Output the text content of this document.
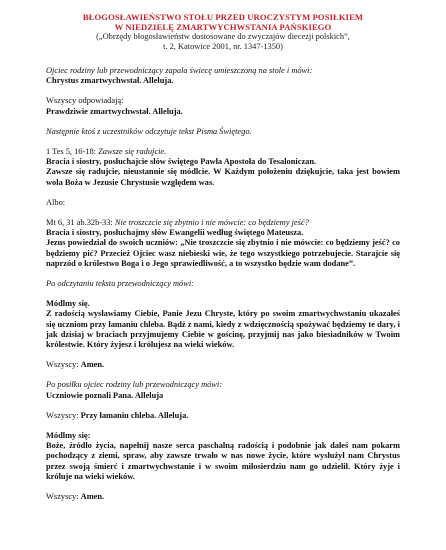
BŁOGOSŁAWIEŃSTWO STOŁU PRZED UROCZYSTYM POSIŁKIEM
W NIEDZIELĘ ZMARTWYCHWSTANIA PAŃSKIEGO
(„Obrzędy błogosławieństw dostosowane do zwyczajów diecezji polskich”,
t. 2, Katowice 2001, nr. 1347-1350)
Ojciec rodziny lub przewodniczący zapala świecę umieszczoną na stole i mówi:
Chrystus zmartwychwstał. Alleluja.
Wszyscy odpowiadają:
Prawdziwie zmartwychwstał. Alleluja.
Następnie ktoś z uczestników odczytuje tekst Pisma Świętego.
1 Tes 5, 16-18: Zawsze się radujcie.
Bracia i siostry, posłuchajcie słów świętego Pawła Apostoła do Tesaloniczan.
Zawsze się radujcie, nieustannie się módlcie. W Każdym położeniu dziękujcie, taka jest bowiem wola Boża w Jezusie Chrystusie względem was.
Albo:
Mt 6, 31 ab.32b-33: Nie troszczcie się zbytnio i nie mówcie: co będziemy jeść?
Bracia i siostry, posłuchajmy słów Ewangelii według świętego Mateusza.
Jezus powiedział do swoich uczniów: „Nie troszczcie się zbytnio i nie mówcie: co będziemy jeść? co będziemy pić? Przecież Ojciec wasz niebieski wie, że tego wszystkiego potrzebujecie. Starajcie się naprzód o królestwo Boga i o Jego sprawiedliwość, a to wszystko będzie wam dodane”.
Po odczytaniu tekstu przewodniczący mówi:
Módlmy się.
Z radością wysławiamy Ciebie, Panie Jezu Chryste, który po swoim zmartwychwstaniu ukazałeś się uczniom przy łamaniu chleba. Bądź z nami, kiedy z wdzięcznością spożywać będziemy te dary, i jak dzisiaj w braciach przyjmujemy Ciebie w gościnę, przyjmij nas jako biesiadników w Twoim królestwie. Który żyjesz i królujesz na wieki wieków.
Wszyscy: Amen.
Po posiłku ojciec rodziny lub przewodniczący mówi:
Uczniowie poznali Pana. Alleluja
Wszyscy: Przy łamaniu chleba. Alleluja.
Módlmy się:
Boże, źródło życia, napełnij nasze serca paschalną radością i podobnie jak dałeś nam pokarm pochodzący z ziemi, spraw, aby zawsze trwało w nas nowe życie, które wysłużył nam Chrystus przez swoją śmierć i zmartwychwstanie i w swoim miłosierdziu nam go udzielił. Który żyje i króluje na wieki wieków.
Wszyscy: Amen.
